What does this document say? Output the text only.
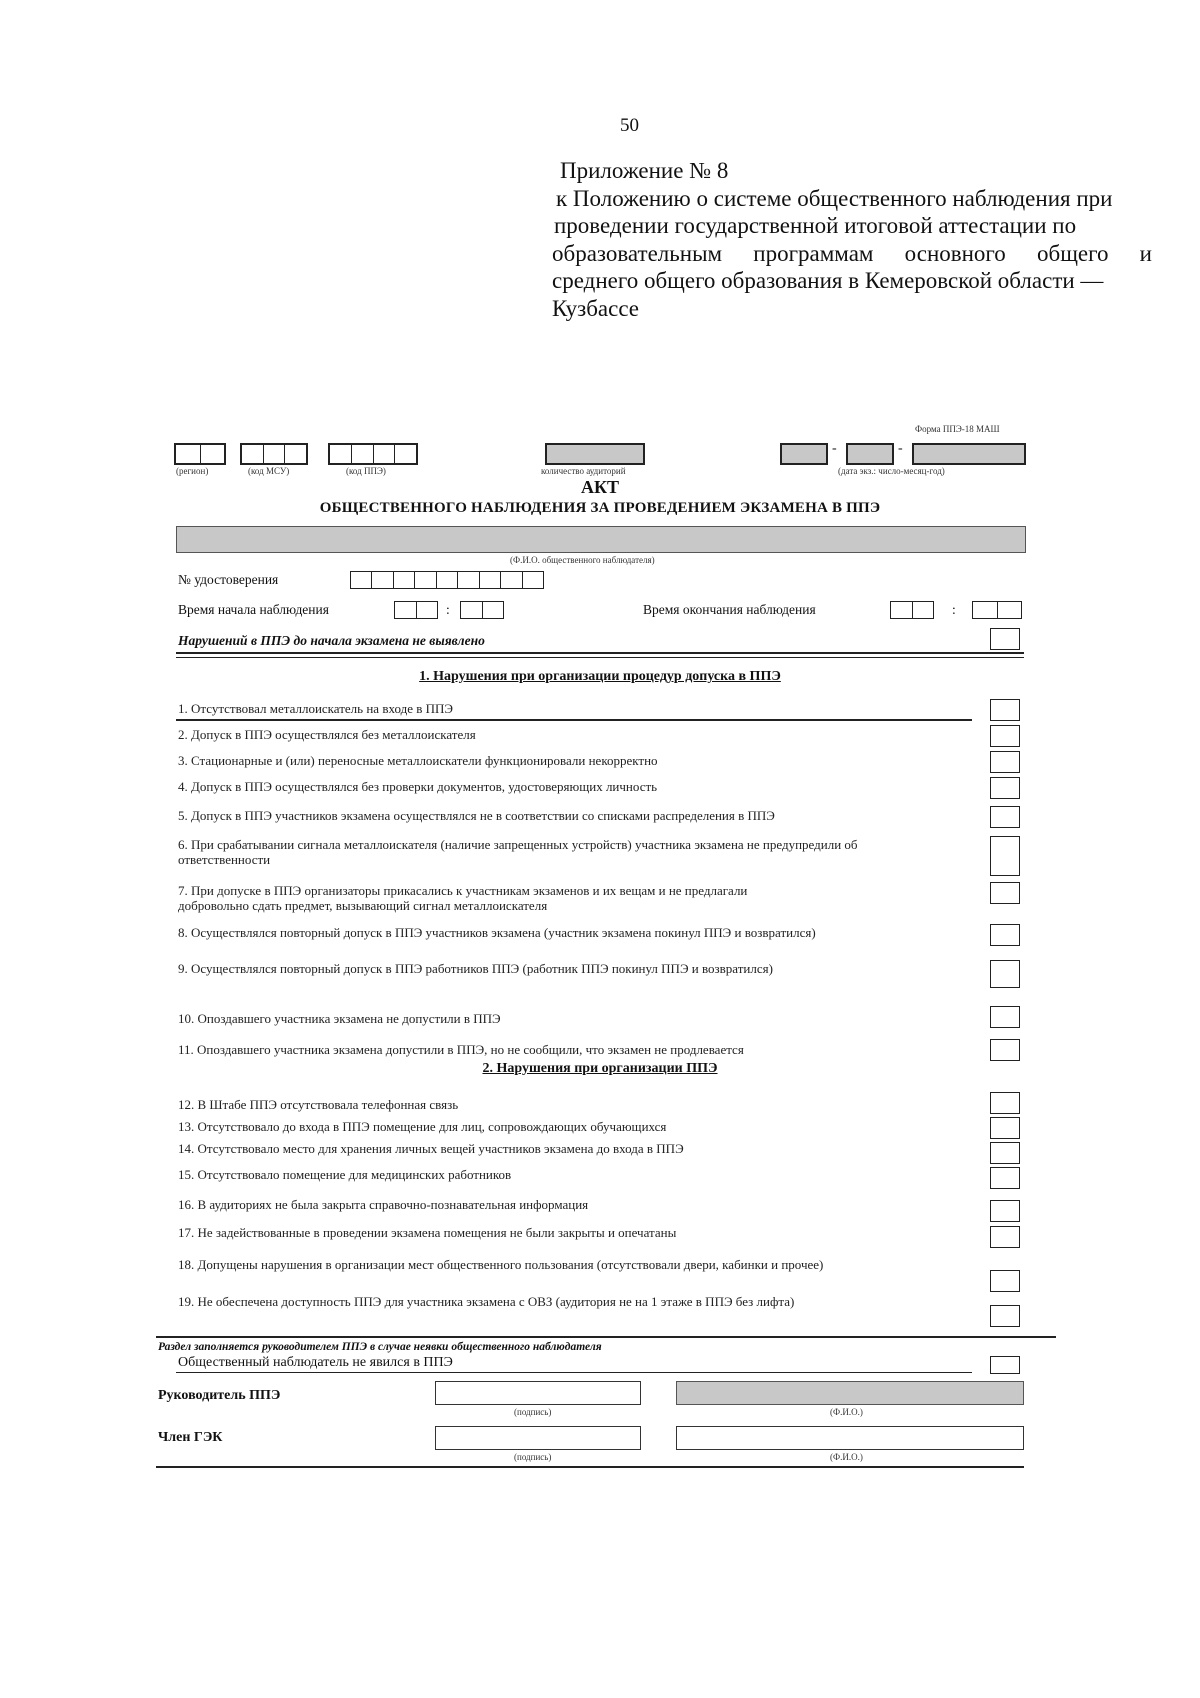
50
Приложение № 8
к Положению о системе общественного наблюдения при
проведении государственной итоговой аттестации по
образовательным программам основного общего и
среднего общего образования в Кемеровской области —
Кузбассе
Форма ППЭ-18 МАШ
-	-
(регион)	(код МСУ)	(код ППЭ)	количество аудиторий	(дата экз.: число-месяц-год)
АКТ
ОБЩЕСТВЕННОГО НАБЛЮДЕНИЯ ЗА ПРОВЕДЕНИЕМ ЭКЗАМЕНА В ППЭ
(Ф.И.О. общественного наблюдателя)
№ удостоверения
Время начала наблюдения	:	Время окончания наблюдения	:
Нарушений в ППЭ до начала экзамена не выявлено
1. Нарушения при организации процедур допуска в ППЭ
1. Отсутствовал металлоискатель на входе в ППЭ
2. Допуск в ППЭ осуществлялся без металлоискателя
3. Стационарные и (или) переносные металлоискатели функционировали некорректно
4. Допуск в ППЭ осуществлялся без проверки документов, удостоверяющих личность
5. Допуск в ППЭ участников экзамена осуществлялся не в соответствии со списками распределения в ППЭ
6. При срабатывании сигнала металлоискателя (наличие запрещенных устройств) участника экзамена не предупредили об ответственности
7. При допуске в ППЭ организаторы прикасались к участникам экзаменов и их вещам и не предлагали добровольно сдать предмет, вызывающий сигнал металлоискателя
8. Осуществлялся повторный допуск в ППЭ участников экзамена (участник экзамена покинул ППЭ и возвратился)
9. Осуществлялся повторный допуск в ППЭ работников ППЭ (работник ППЭ покинул ППЭ и возвратился)
10. Опоздавшего участника экзамена не допустили в ППЭ
11. Опоздавшего участника экзамена допустили в ППЭ, но не сообщили, что экзамен не продлевается
2. Нарушения при организации ППЭ
12. В Штабе ППЭ отсутствовала телефонная связь
13. Отсутствовало до входа в ППЭ помещение для лиц, сопровождающих обучающихся
14. Отсутствовало место для хранения личных вещей участников экзамена до входа в ППЭ
15. Отсутствовало помещение для медицинских работников
16. В аудиториях не была закрыта справочно-познавательная информация
17. Не задействованные в проведении экзамена помещения не были закрыты и опечатаны
18. Допущены нарушения в организации мест общественного пользования (отсутствовали двери, кабинки и прочее)
19. Не обеспечена доступность ППЭ для участника экзамена с ОВЗ (аудитория не на 1 этаже в ППЭ без лифта)
Раздел заполняется руководителем ППЭ в случае неявки общественного наблюдателя
Общественный наблюдатель не явился в ППЭ
Руководитель ППЭ
(подпись)	(Ф.И.О.)
Член ГЭК
(подпись)	(Ф.И.О.)
